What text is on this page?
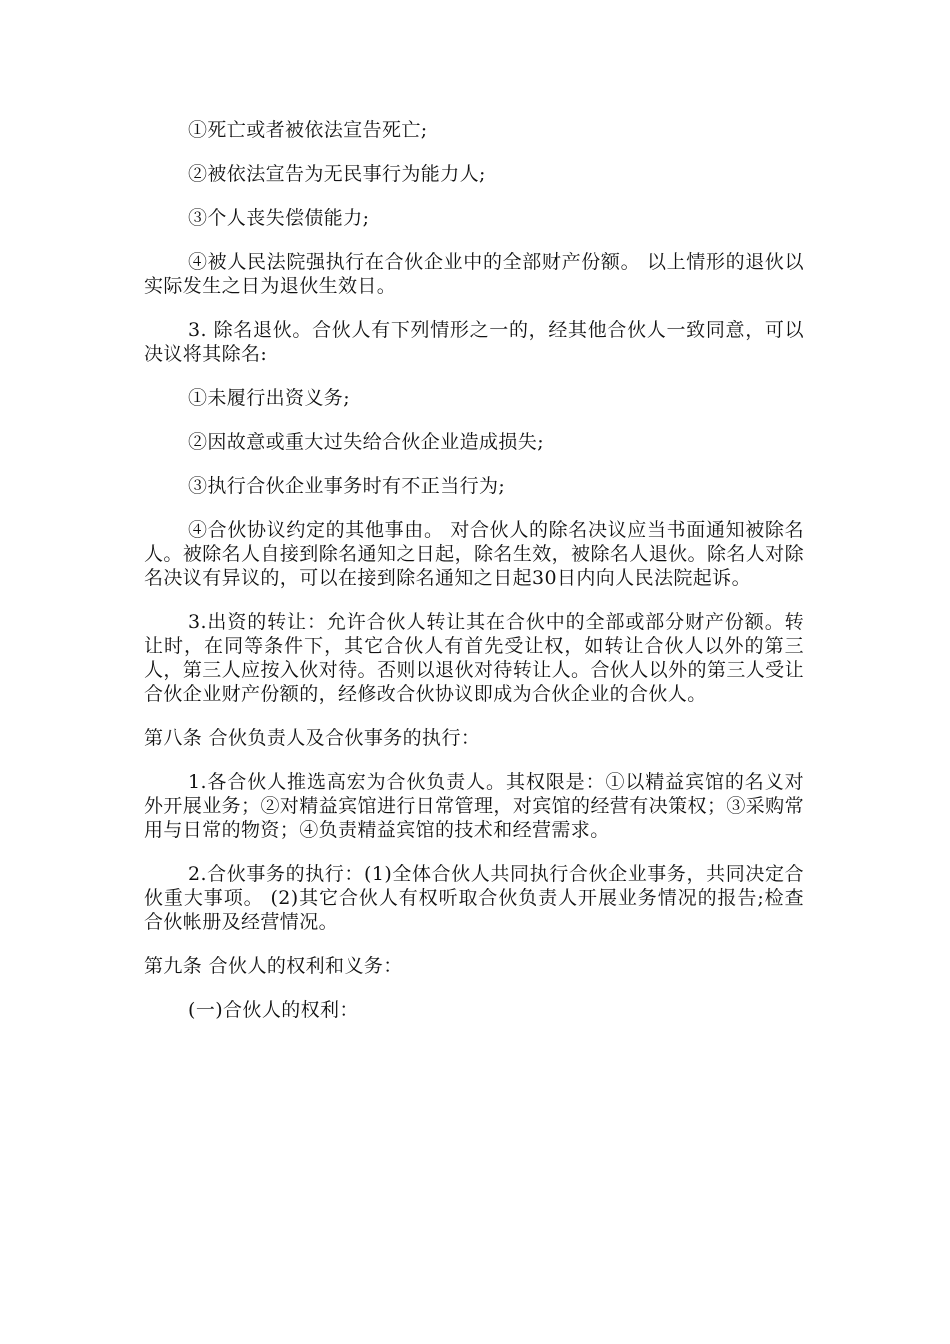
①死亡或者被依法宣告死亡;

②被依法宣告为无民事行为能力人;

③个人丧失偿债能力;

④被人民法院强执行在合伙企业中的全部财产份额。 以上情形的退伙以实际发生之日为退伙生效日。

3. 除名退伙。合伙人有下列情形之一的，经其他合伙人一致同意，可以决议将其除名:

①未履行出资义务;

②因故意或重大过失给合伙企业造成损失;

③执行合伙企业事务时有不正当行为;

④合伙协议约定的其他事由。 对合伙人的除名决议应当书面通知被除名人。被除名人自接到除名通知之日起，除名生效，被除名人退伙。除名人对除名决议有异议的，可以在接到除名通知之日起30日内向人民法院起诉。

3.出资的转让：允许合伙人转让其在合伙中的全部或部分财产份额。转让时，在同等条件下，其它合伙人有首先受让权，如转让合伙人以外的第三人，第三人应按入伙对待。否则以退伙对待转让人。合伙人以外的第三人受让合伙企业财产份额的，经修改合伙协议即成为合伙企业的合伙人。

第八条 合伙负责人及合伙事务的执行：

1.各合伙人推选高宏为合伙负责人。其权限是：①以精益宾馆的名义对外开展业务；②对精益宾馆进行日常管理，对宾馆的经营有决策权；③采购常用与日常的物资；④负责精益宾馆的技术和经营需求。

2.合伙事务的执行：(1)全体合伙人共同执行合伙企业事务，共同决定合伙重大事项。 (2)其它合伙人有权听取合伙负责人开展业务情况的报告;检查合伙帐册及经营情况。

第九条 合伙人的权利和义务：

(一)合伙人的权利：
